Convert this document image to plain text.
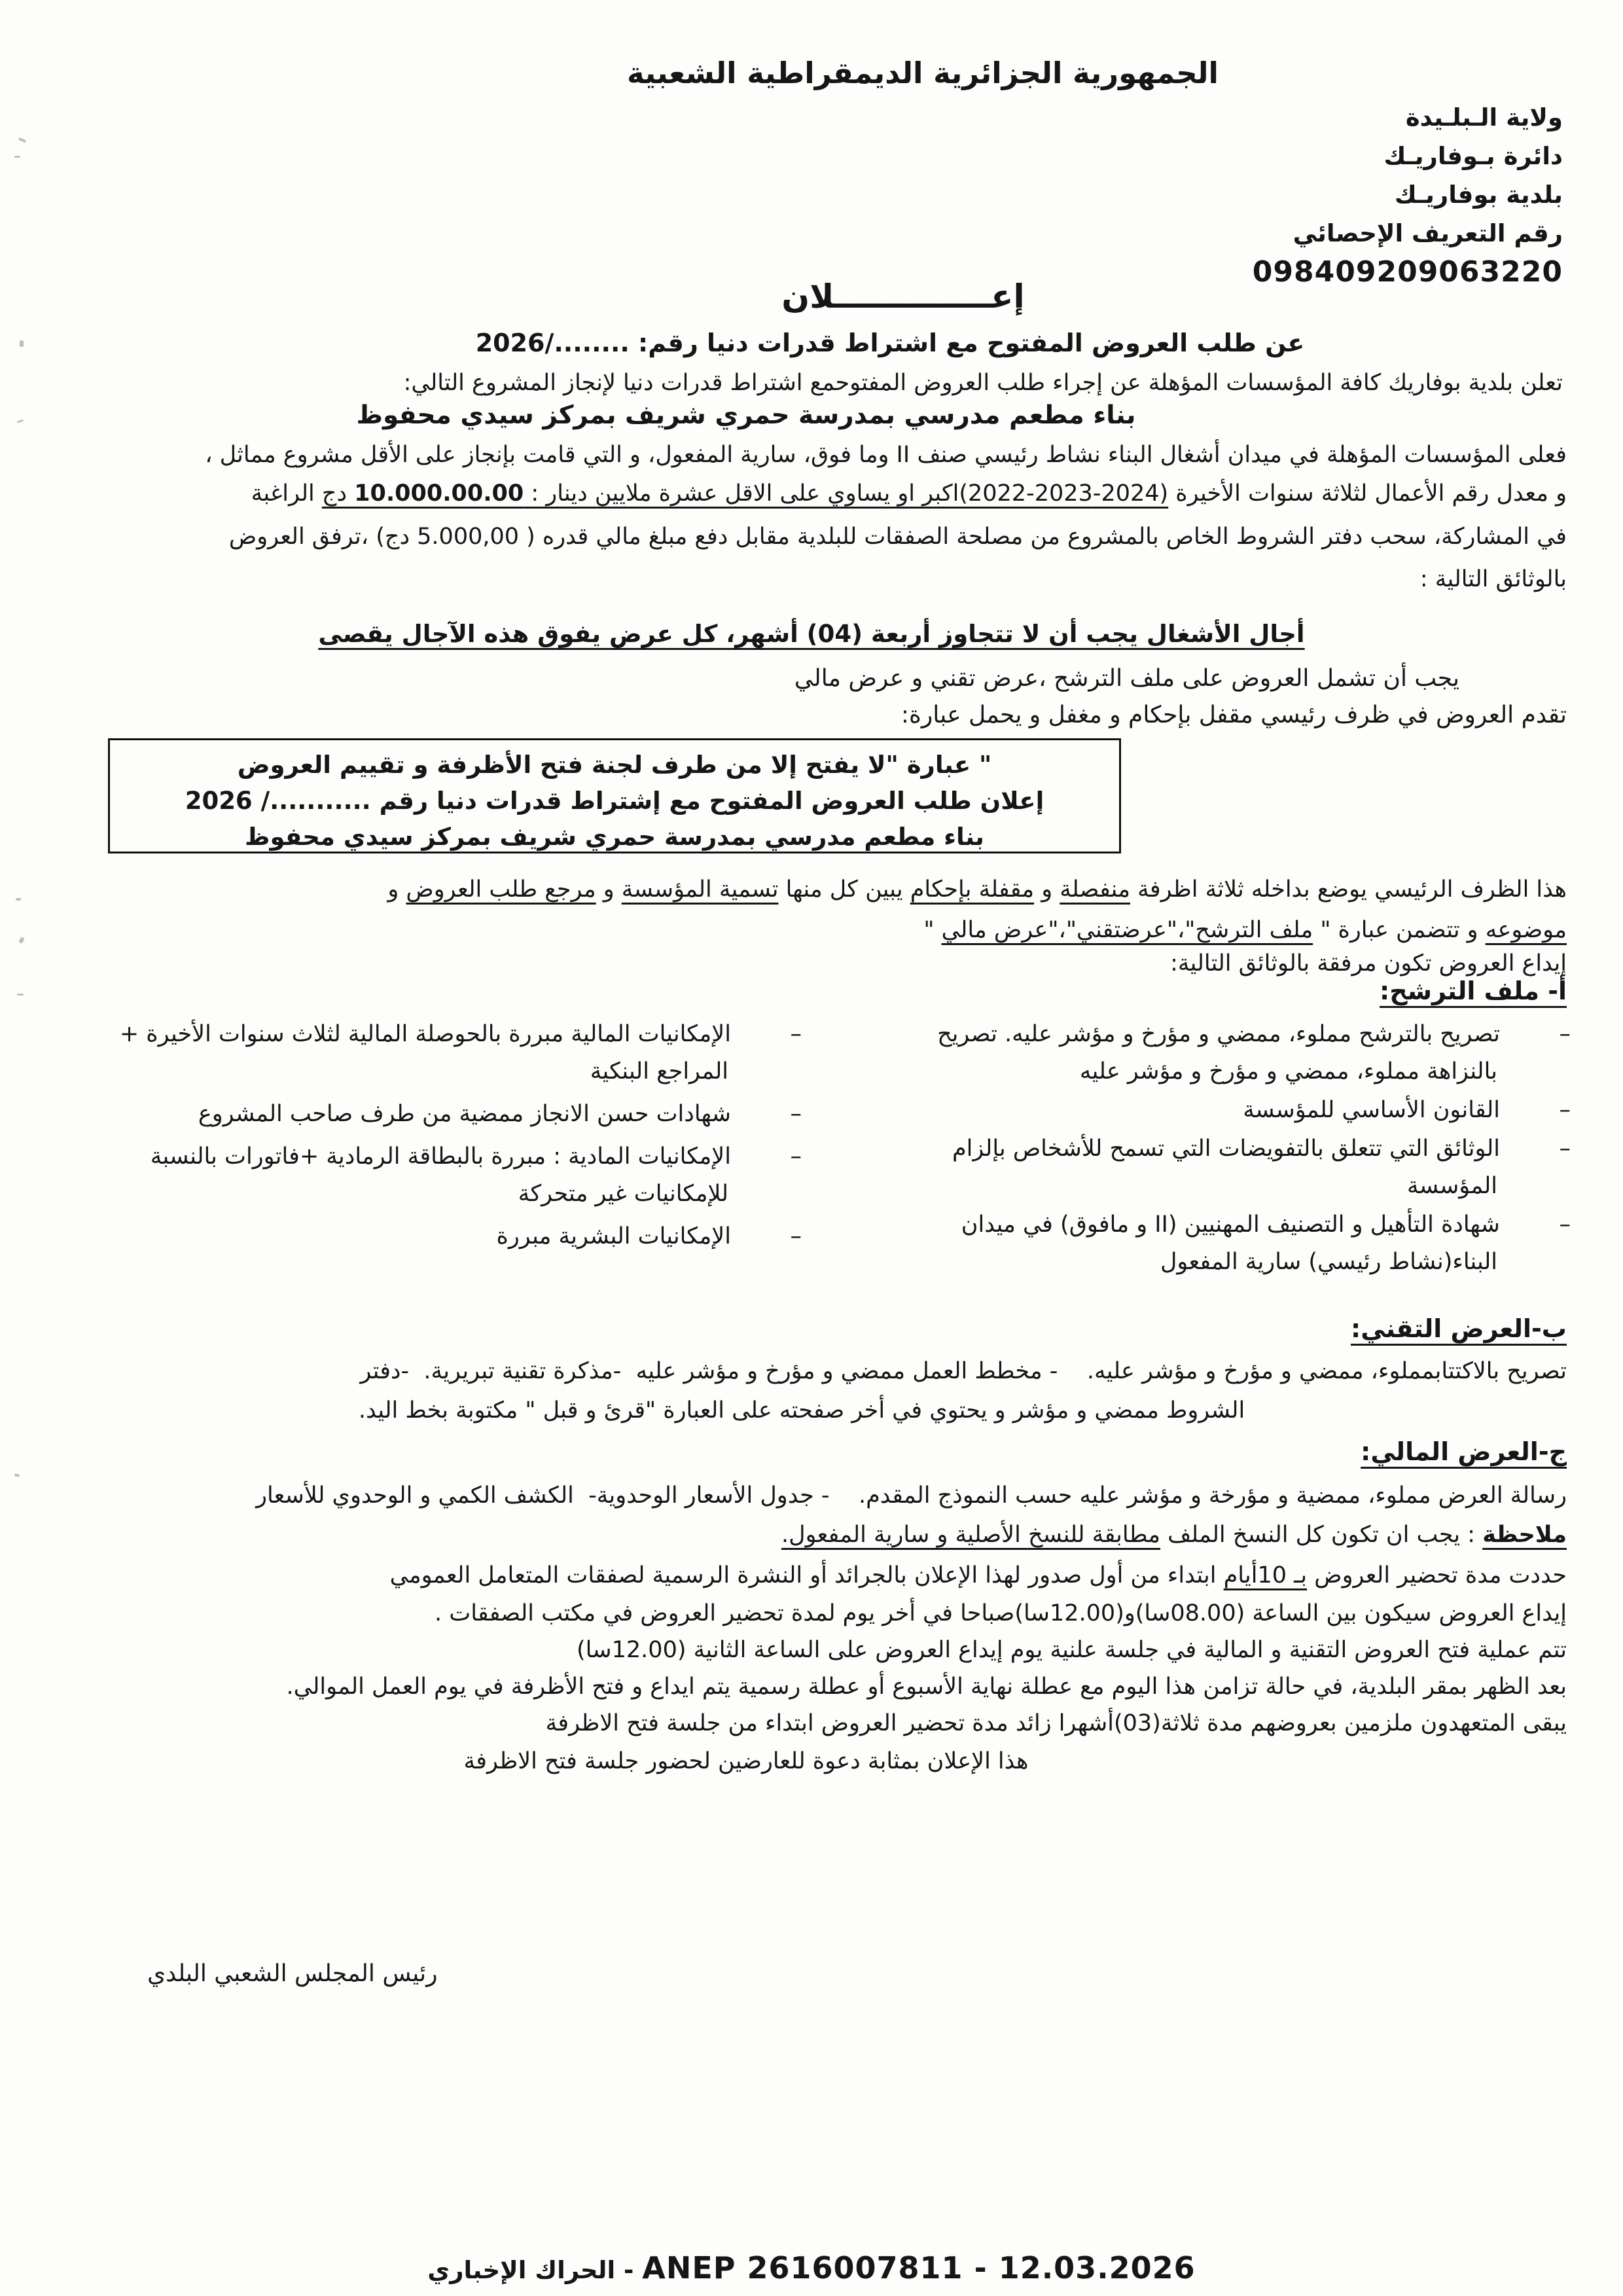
الجمهورية الجزائرية الديمقراطية الشعبية
ولاية الـبلـيدة
دائرة بـوفاريـك
بلدية بوفاريـك
رقم التعريف الإحصائي
098409209063220
إعــــــــــــــلان
عن طلب العروض المفتوح مع اشتراط قدرات دنيا رقم: ......../2026
تعلن بلدية بوفاريك كافة المؤسسات المؤهلة عن إجراء طلب العروض المفتوحمع اشتراط قدرات دنيا لإنجاز المشروع التالي:
بناء مطعم مدرسي بمدرسة حمري شريف بمركز سيدي محفوظ
فعلى المؤسسات المؤهلة في ميدان أشغال البناء نشاط رئيسي صنف II وما فوق، سارية المفعول، و التي قامت بإنجاز على الأقل مشروع مماثل ،
و معدل رقم الأعمال لثلاثة سنوات الأخيرة (2024-2023-2022)اكبر او يساوي على الاقل عشرة ملايين دينار : 10.000.00.00 دج الراغبة
في المشاركة، سحب دفتر الشروط الخاص بالمشروع من مصلحة الصفقات للبلدية مقابل دفع مبلغ مالي قدره ( 5.000,00 دج) ،ترفق العروض
بالوثائق التالية :
أجال الأشغال يجب أن لا تتجاوز أربعة (04) أشهر، كل عرض يفوق هذه الآجال يقصى
يجب أن تشمل العروض على ملف الترشح ،عرض تقني و عرض مالي
تقدم العروض في ظرف رئيسي مقفل بإحكام و مغفل و يحمل عبارة:
" عبارة "لا يفتح إلا من طرف لجنة فتح الأظرفة و تقييم العروض
إعلان طلب العروض المفتوح مع إشتراط قدرات دنيا رقم .........../ 2026
بناء مطعم مدرسي بمدرسة حمري شريف بمركز سيدي محفوظ
هذا الظرف الرئيسي يوضع بداخله ثلاثة اظرفة منفصلة و مقفلة بإحكام يبين كل منها تسمية المؤسسة و مرجع طلب العروض و
موضوعه و تتضمن عبارة " ملف الترشح"،"عرضتقني"،"عرض مالي "
إيداع العروض تكون مرفقة بالوثائق التالية:
أ- ملف الترشح:
–تصريح بالترشح مملوء، ممضي و مؤرخ و مؤشر عليه. تصريح بالنزاهة مملوء، ممضي و مؤرخ و مؤشر عليه
–القانون الأساسي للمؤسسة
–الوثائق التي تتعلق بالتفويضات التي تسمح للأشخاص بإلزام المؤسسة
–شهادة التأهيل و التصنيف المهنيين (II و مافوق) في ميدان البناء(نشاط رئيسي) سارية المفعول
–الإمكانيات المالية مبررة بالحوصلة المالية لثلاث سنوات الأخيرة + المراجع البنكية
–شهادات حسن الانجاز ممضية من طرف صاحب المشروع
–الإمكانيات المادية : مبررة بالبطاقة الرمادية +فاتورات بالنسبة للإمكانيات غير متحركة
–الإمكانيات البشرية مبررة
ب-العرض التقني:
تصريح بالاكتتابمملوء، ممضي و مؤرخ و مؤشر عليه.    - مخطط العمل ممضي و مؤرخ و مؤشر عليه  -مذكرة تقنية تبريرية.  -دفتر
الشروط ممضي و مؤشر و يحتوي في أخر صفحته على العبارة "قرئ و قبل " مكتوبة بخط اليد.
ج-العرض المالي:
رسالة العرض مملوء، ممضية و مؤرخة و مؤشر عليه حسب النموذج المقدم.    - جدول الأسعار الوحدوية-  الكشف الكمي و الوحدوي للأسعار
ملاحظة : يجب ان تكون كل النسخ الملف مطابقة للنسخ الأصلية و سارية المفعول.
حددت مدة تحضير العروض بـ 10أيام ابتداء من أول صدور لهذا الإعلان بالجرائد أو النشرة الرسمية لصفقات المتعامل العمومي
إيداع العروض سيكون بين الساعة (08.00سا)و(12.00سا)صباحا في أخر يوم لمدة تحضير العروض في مكتب الصفقات .
تتم عملية فتح العروض التقنية و المالية في جلسة علنية يوم إيداع العروض على الساعة الثانية (12.00سا)
بعد الظهر بمقر البلدية، في حالة تزامن هذا اليوم مع عطلة نهاية الأسبوع أو عطلة رسمية يتم ايداع و فتح الأظرفة في يوم العمل الموالي.
يبقى المتعهدون ملزمين بعروضهم مدة ثلاثة(03)أشهرا زائد مدة تحضير العروض ابتداء من جلسة فتح الاظرفة
هذا الإعلان بمثابة دعوة للعارضين لحضور جلسة فتح الاظرفة
رئيس المجلس الشعبي البلدي
ANEP 2616007811 - 12.03.2026 - الحراك الإخباري
